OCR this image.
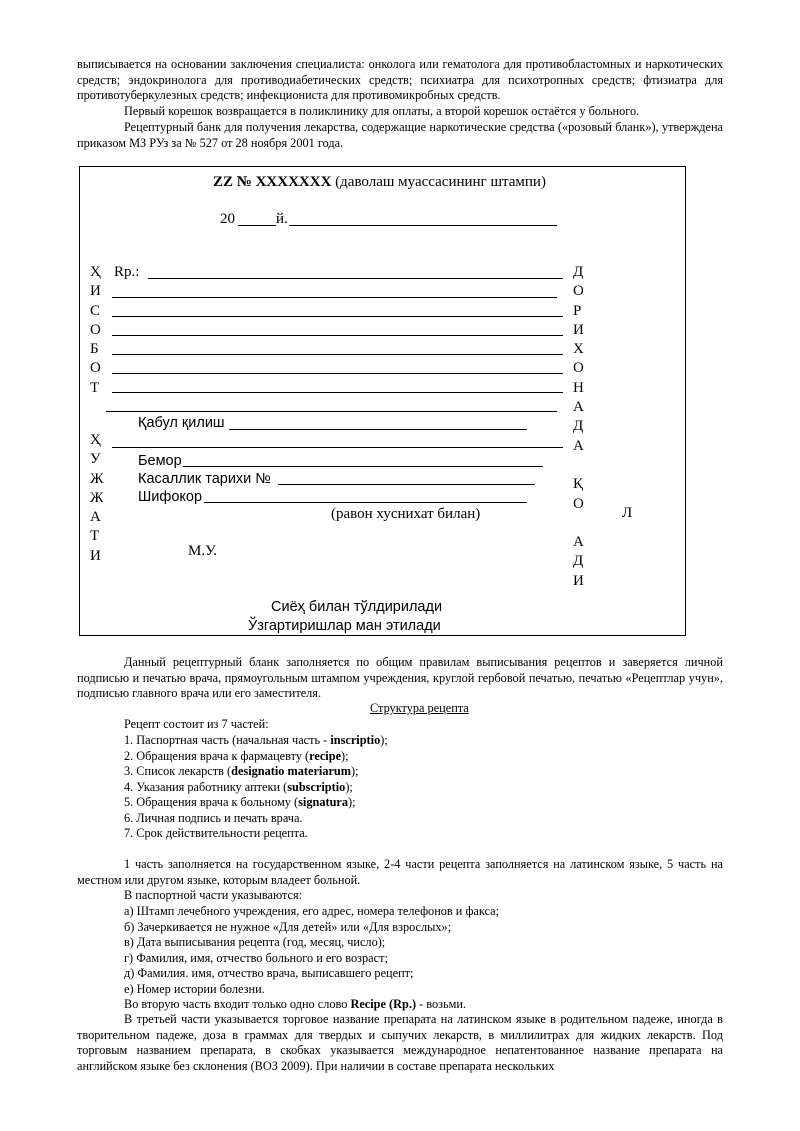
выписывается на основании заключения специалиста: онколога или гематолога для противобластомных и наркотических средств; эндокринолога для противодиабетических средств; психиатра для психотропных средств; фтизиатра для противотуберкулезных средств; инфекциониста для противомикробных средств.

Первый корешок возвращается в поликлинику для оплаты, а второй корешок остаётся у больного.

Рецептурный банк для получения лекарства, содержащие наркотические средства («розовый бланк»), утверждена приказом МЗ РУз за № 527 от 28 ноября 2001 года.

ZZ № XXXXXXX (даволаш муассасининг штампи)
20	й.
Ҳ
И
С
О
Б
О
Т
Ҳ
У
Ж
Ж
А
Т
И
Д
О
Р
И
Х
О
Н
А
Д
А
Қ
О
А
Д
И
Л
Rp.:
Қабул қилиш
Бемор
Касаллик тарихи №
Шифокор
(равон хуснихат билан)
М.У.
Сиёҳ билан тўлдирилади
Ўзгартиришлар ман этилади

Данный рецептурный бланк заполняется по общим правилам выписывания рецептов и заверяется личной подписью и печатью врача, прямоугольным штампом учреждения, круглой гербовой печатью, печатью «Рецептлар учун», подписью главного врача или его заместителя.

Структура рецепта

Рецепт состоит из 7 частей:

1. Паспортная часть (начальная часть - inscriptio);

2. Обращения врача к фармацевту (recipe);

3. Список лекарств (designatio materiarum);

4. Указания работнику аптеки (subscriptio);

5. Обращения врача к больному (signatura);

6. Личная подпись и печать врача.

7. Срок действительности рецепта.

1 часть заполняется на государственном языке, 2-4 части рецепта заполняется на латинском языке, 5 часть на местном или другом языке, которым владеет больной.

В паспортной части указываются:

а) Штамп лечебного учреждения, его адрес, номера телефонов и факса;

б) Зачеркивается не нужное «Для детей» или «Для взрослых»;

в) Дата выписывания рецепта (год, месяц, число);

г) Фамилия, имя, отчество больного и его возраст;

д) Фамилия. имя, отчество врача, выписавшего рецепт;

е) Номер истории болезни.

Во вторую часть входит только одно слово Recipe (Rp.) - возьми.

В третьей части указывается торговое название препарата на латинском языке в родительном падеже, иногда в творительном падеже, доза в граммах для твердых и сыпучих лекарств, в миллилитрах для жидких лекарств. Под торговым названием препарата, в скобках указывается международное непатентованное название препарата на английском языке без склонения (ВОЗ 2009). При наличии в составе препарата нескольких
